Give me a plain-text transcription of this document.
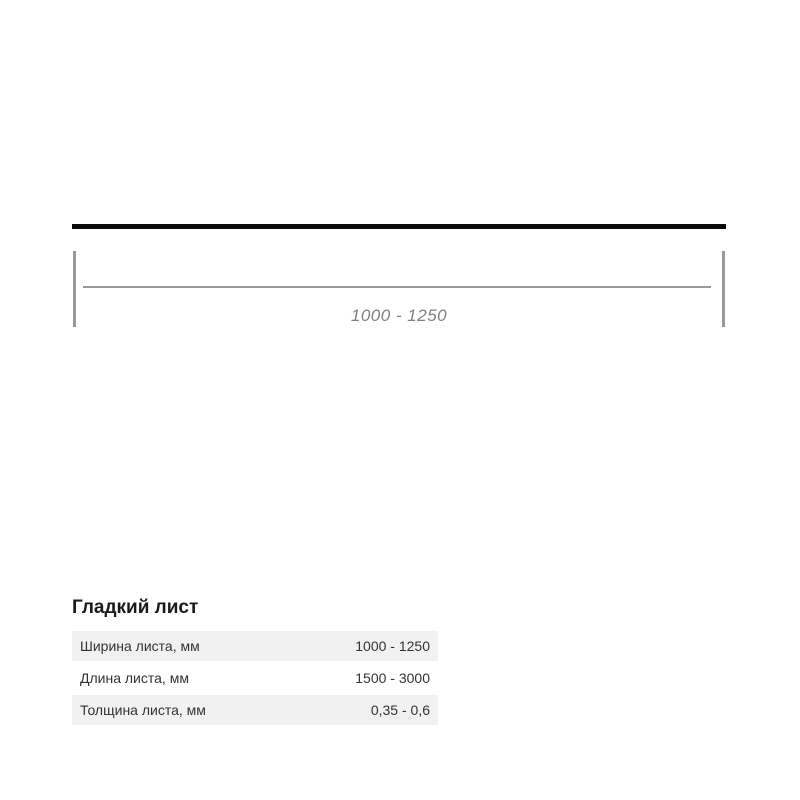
1000 - 1250
Гладкий лист
Ширина листа, мм	1000 - 1250
Длина листа, мм	1500 - 3000
Толщина листа, мм	0,35 - 0,6
